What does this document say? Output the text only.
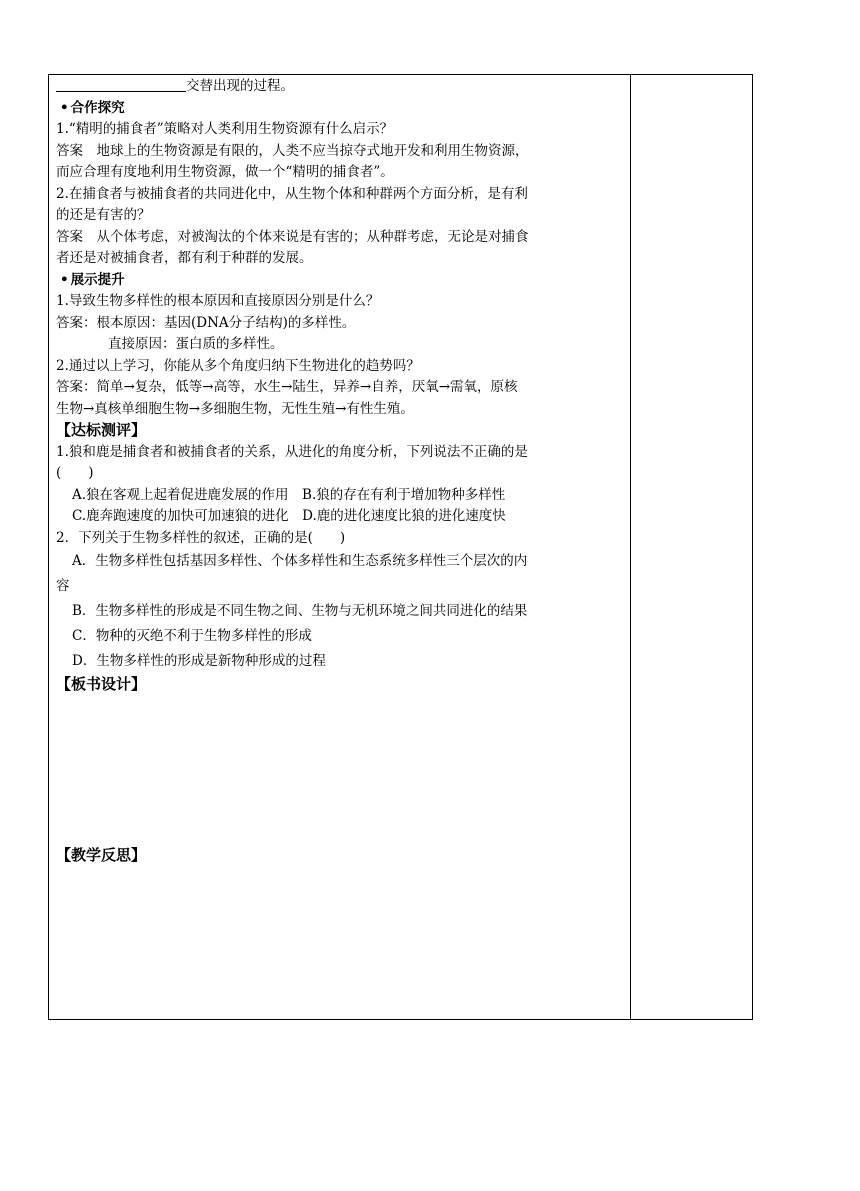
交替出现的过程。
• 合作探究
1.“精明的捕食者”策略对人类利用生物资源有什么启示？
答案　地球上的生物资源是有限的，人类不应当掠夺式地开发和利用生物资源，
而应合理有度地利用生物资源，做一个“精明的捕食者”。
2.在捕食者与被捕食者的共同进化中，从生物个体和种群两个方面分析，是有利
的还是有害的？
答案　从个体考虑，对被淘汰的个体来说是有害的；从种群考虑，无论是对捕食
者还是对被捕食者，都有利于种群的发展。
• 展示提升
1.导致生物多样性的根本原因和直接原因分别是什么？
答案：根本原因：基因(DNA分子结构)的多样性。
直接原因：蛋白质的多样性。
2.通过以上学习，你能从多个角度归纳下生物进化的趋势吗？
答案：简单→复杂，低等→高等，水生→陆生，异养→自养，厌氧→需氧，原核
生物→真核单细胞生物→多细胞生物，无性生殖→有性生殖。
【达标测评】
1.狼和鹿是捕食者和被捕食者的关系，从进化的角度分析，下列说法不正确的是
(　　)
A.狼在客观上起着促进鹿发展的作用　B.狼的存在有利于增加物种多样性
C.鹿奔跑速度的加快可加速狼的进化　D.鹿的进化速度比狼的进化速度快
2．下列关于生物多样性的叙述，正确的是(　　)
A．生物多样性包括基因多样性、个体多样性和生态系统多样性三个层次的内
容
B．生物多样性的形成是不同生物之间、生物与无机环境之间共同进化的结果
C．物种的灭绝不利于生物多样性的形成
D．生物多样性的形成是新物种形成的过程
【板书设计】
【教学反思】
